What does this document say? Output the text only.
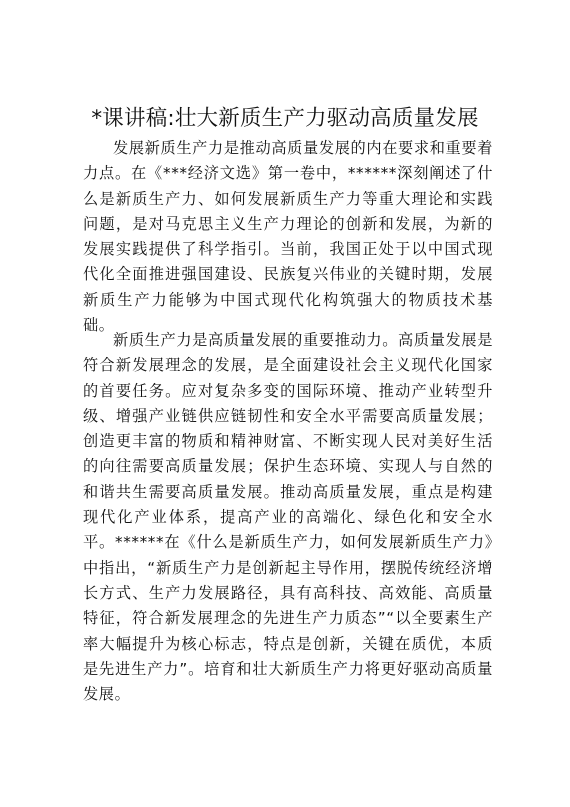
*课讲稿:壮大新质生产力驱动高质量发展

发展新质生产力是推动高质量发展的内在要求和重要着力点。在《***经济文选》第一卷中，******深刻阐述了什么是新质生产力、如何发展新质生产力等重大理论和实践问题，是对马克思主义生产力理论的创新和发展，为新的发展实践提供了科学指引。当前，我国正处于以中国式现代化全面推进强国建设、民族复兴伟业的关键时期，发展新质生产力能够为中国式现代化构筑强大的物质技术基础。

新质生产力是高质量发展的重要推动力。高质量发展是符合新发展理念的发展，是全面建设社会主义现代化国家的首要任务。应对复杂多变的国际环境、推动产业转型升级、增强产业链供应链韧性和安全水平需要高质量发展；创造更丰富的物质和精神财富、不断实现人民对美好生活的向往需要高质量发展；保护生态环境、实现人与自然的和谐共生需要高质量发展。推动高质量发展，重点是构建现代化产业体系，提高产业的高端化、绿色化和安全水平。******在《什么是新质生产力，如何发展新质生产力》中指出，“新质生产力是创新起主导作用，摆脱传统经济增长方式、生产力发展路径，具有高科技、高效能、高质量特征，符合新发展理念的先进生产力质态”“以全要素生产率大幅提升为核心标志，特点是创新，关键在质优，本质是先进生产力”。培育和壮大新质生产力将更好驱动高质量发展。
